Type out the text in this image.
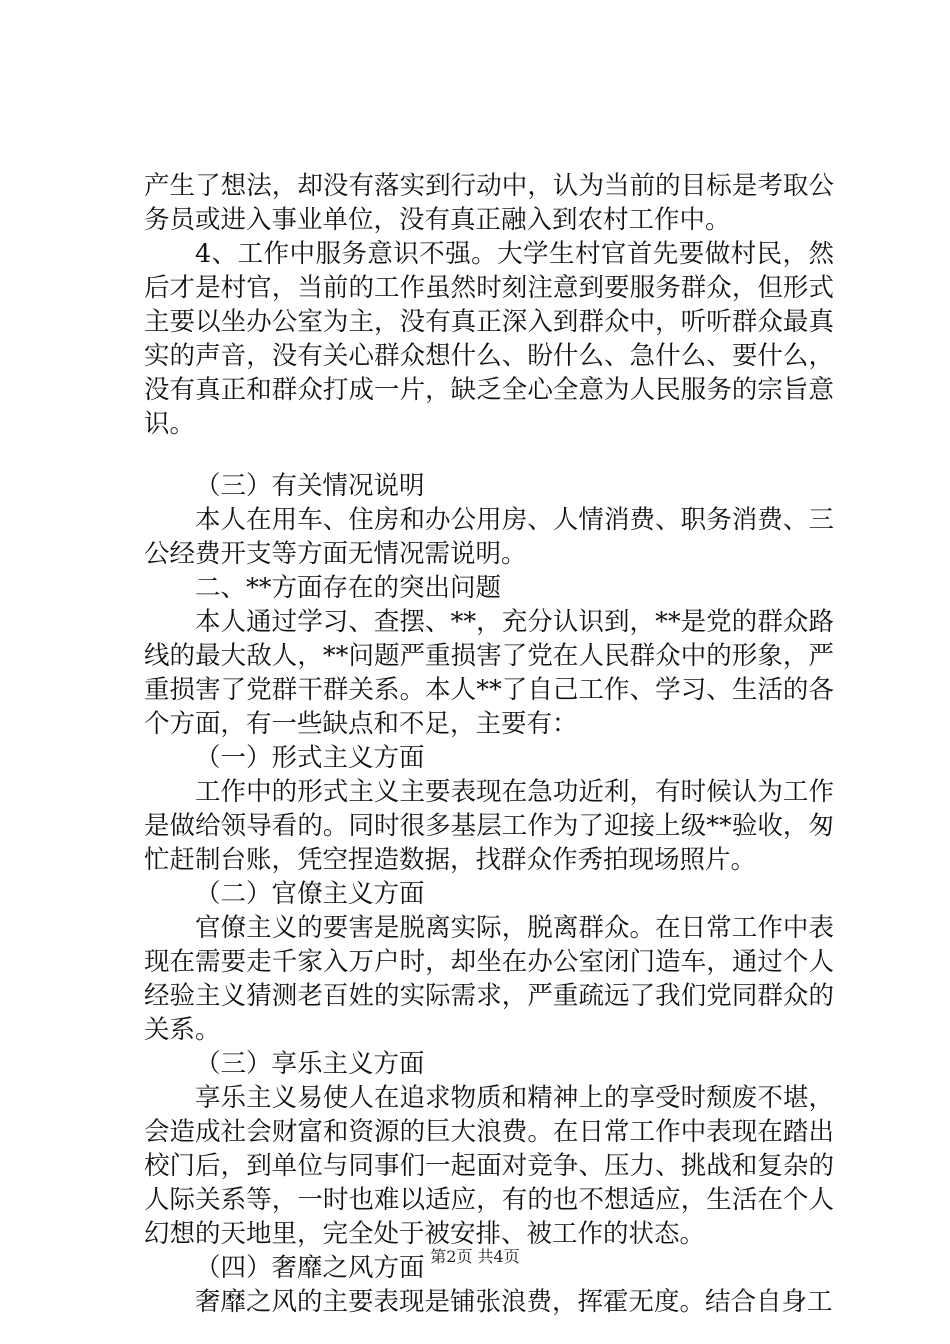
产生了想法，却没有落实到行动中，认为当前的目标是考取公务员或进入事业单位，没有真正融入到农村工作中。

4、工作中服务意识不强。大学生村官首先要做村民，然后才是村官，当前的工作虽然时刻注意到要服务群众，但形式主要以坐办公室为主，没有真正深入到群众中，听听群众最真实的声音，没有关心群众想什么、盼什么、急什么、要什么，没有真正和群众打成一片，缺乏全心全意为人民服务的宗旨意识。

（三）有关情况说明

本人在用车、住房和办公用房、人情消费、职务消费、三公经费开支等方面无情况需说明。

二、**方面存在的突出问题

本人通过学习、查摆、**，充分认识到，**是党的群众路线的最大敌人，**问题严重损害了党在人民群众中的形象，严重损害了党群干群关系。本人**了自己工作、学习、生活的各个方面，有一些缺点和不足，主要有：

（一）形式主义方面

工作中的形式主义主要表现在急功近利，有时候认为工作是做给领导看的。同时很多基层工作为了迎接上级**验收，匆忙赶制台账，凭空捏造数据，找群众作秀拍现场照片。

（二）官僚主义方面

官僚主义的要害是脱离实际，脱离群众。在日常工作中表现在需要走千家入万户时，却坐在办公室闭门造车，通过个人经验主义猜测老百姓的实际需求，严重疏远了我们党同群众的关系。

（三）享乐主义方面

享乐主义易使人在追求物质和精神上的享受时颓废不堪，会造成社会财富和资源的巨大浪费。在日常工作中表现在踏出校门后，到单位与同事们一起面对竞争、压力、挑战和复杂的人际关系等，一时也难以适应，有的也不想适应，生活在个人幻想的天地里，完全处于被安排、被工作的状态。

（四）奢靡之风方面

奢靡之风的主要表现是铺张浪费，挥霍无度。结合自身工

第2页 共4页
